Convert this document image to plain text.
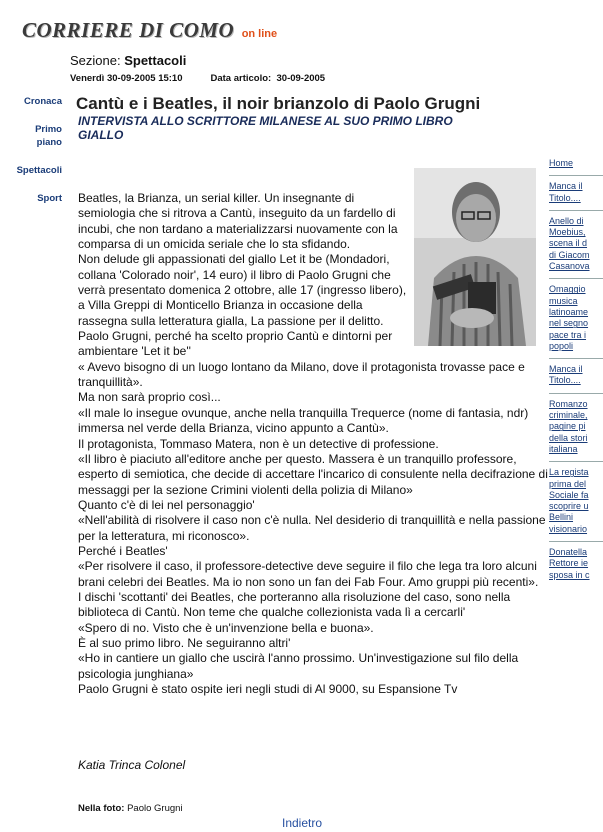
CORRIERE DI COMO on line
Sezione: Spettacoli
Venerdì 30-09-2005 15:10	Data articolo: 30-09-2005
Cronaca
Primo piano
Spettacoli
Sport
Cantù e i Beatles, il noir brianzolo di Paolo Grugni
INTERVISTA ALLO SCRITTORE MILANESE AL SUO PRIMO LIBRO GIALLO

Beatles, la Brianza, un serial killer. Un insegnante di semiologia che si ritrova a Cantù, inseguito da un fardello di incubi, che non tardano a materializzarsi nuovamente con la comparsa di un omicida seriale che lo sta sfidando.

Non delude gli appassionati del giallo Let it be (Mondadori, collana 'Colorado noir', 14 euro) il libro di Paolo Grugni che verrà presentato domenica 2 ottobre, alle 17 (ingresso libero), a Villa Greppi di Monticello Brianza in occasione della rassegna sulla letteratura gialla, La passione per il delitto.

Paolo Grugni, perché ha scelto proprio Cantù e dintorni per ambientare 'Let it be''

« Avevo bisogno di un luogo lontano da Milano, dove il protagonista trovasse pace e tranquillità».

Ma non sarà proprio così...

«Il male lo insegue ovunque, anche nella tranquilla Trequerce (nome di fantasia, ndr) immersa nel verde della Brianza, vicino appunto a Cantù».

Il protagonista, Tommaso Matera, non è un detective di professione.

«Il libro è piaciuto all'editore anche per questo. Massera è un tranquillo professore, esperto di semiotica, che decide di accettare l'incarico di consulente nella decifrazione di messaggi per la sezione Crimini violenti della polizia di Milano»

Quanto c'è di lei nel personaggio'

«Nell'abilità di risolvere il caso non c'è nulla. Nel desiderio di tranquillità e nella passione per la letteratura, mi riconosco».

Perché i Beatles'

«Per risolvere il caso, il professore-detective deve seguire il filo che lega tra loro alcuni brani celebri dei Beatles. Ma io non sono un fan dei Fab Four. Amo gruppi più recenti».

I dischi 'scottanti' dei Beatles, che porteranno alla risoluzione del caso, sono nella biblioteca di Cantù. Non teme che qualche collezionista vada lì a cercarli'

«Spero di no. Visto che è un'invenzione bella e buona».

È al suo primo libro. Ne seguiranno altri'

«Ho in cantiere un giallo che uscirà l'anno prossimo. Un'investigazione sul filo della psicologia junghiana»

Paolo Grugni è stato ospite ieri negli studi di Al 9000, su Espansione Tv

Katia Trinca Colonel
Nella foto: Paolo Grugni
Indietro
Home
Manca il
Titolo....
Anello di
Moebius,
scena il d
di Giacom
Casanova
Omaggio
musica
latinoame
nel segno
pace tra i
popoli
Manca il
Titolo....
Romanzo
criminale,
pagine pi
della stori
italiana
La regista
prima del
Sociale fa
scoprire u
Bellini
visionario
Donatella
Rettore ie
sposa in c
